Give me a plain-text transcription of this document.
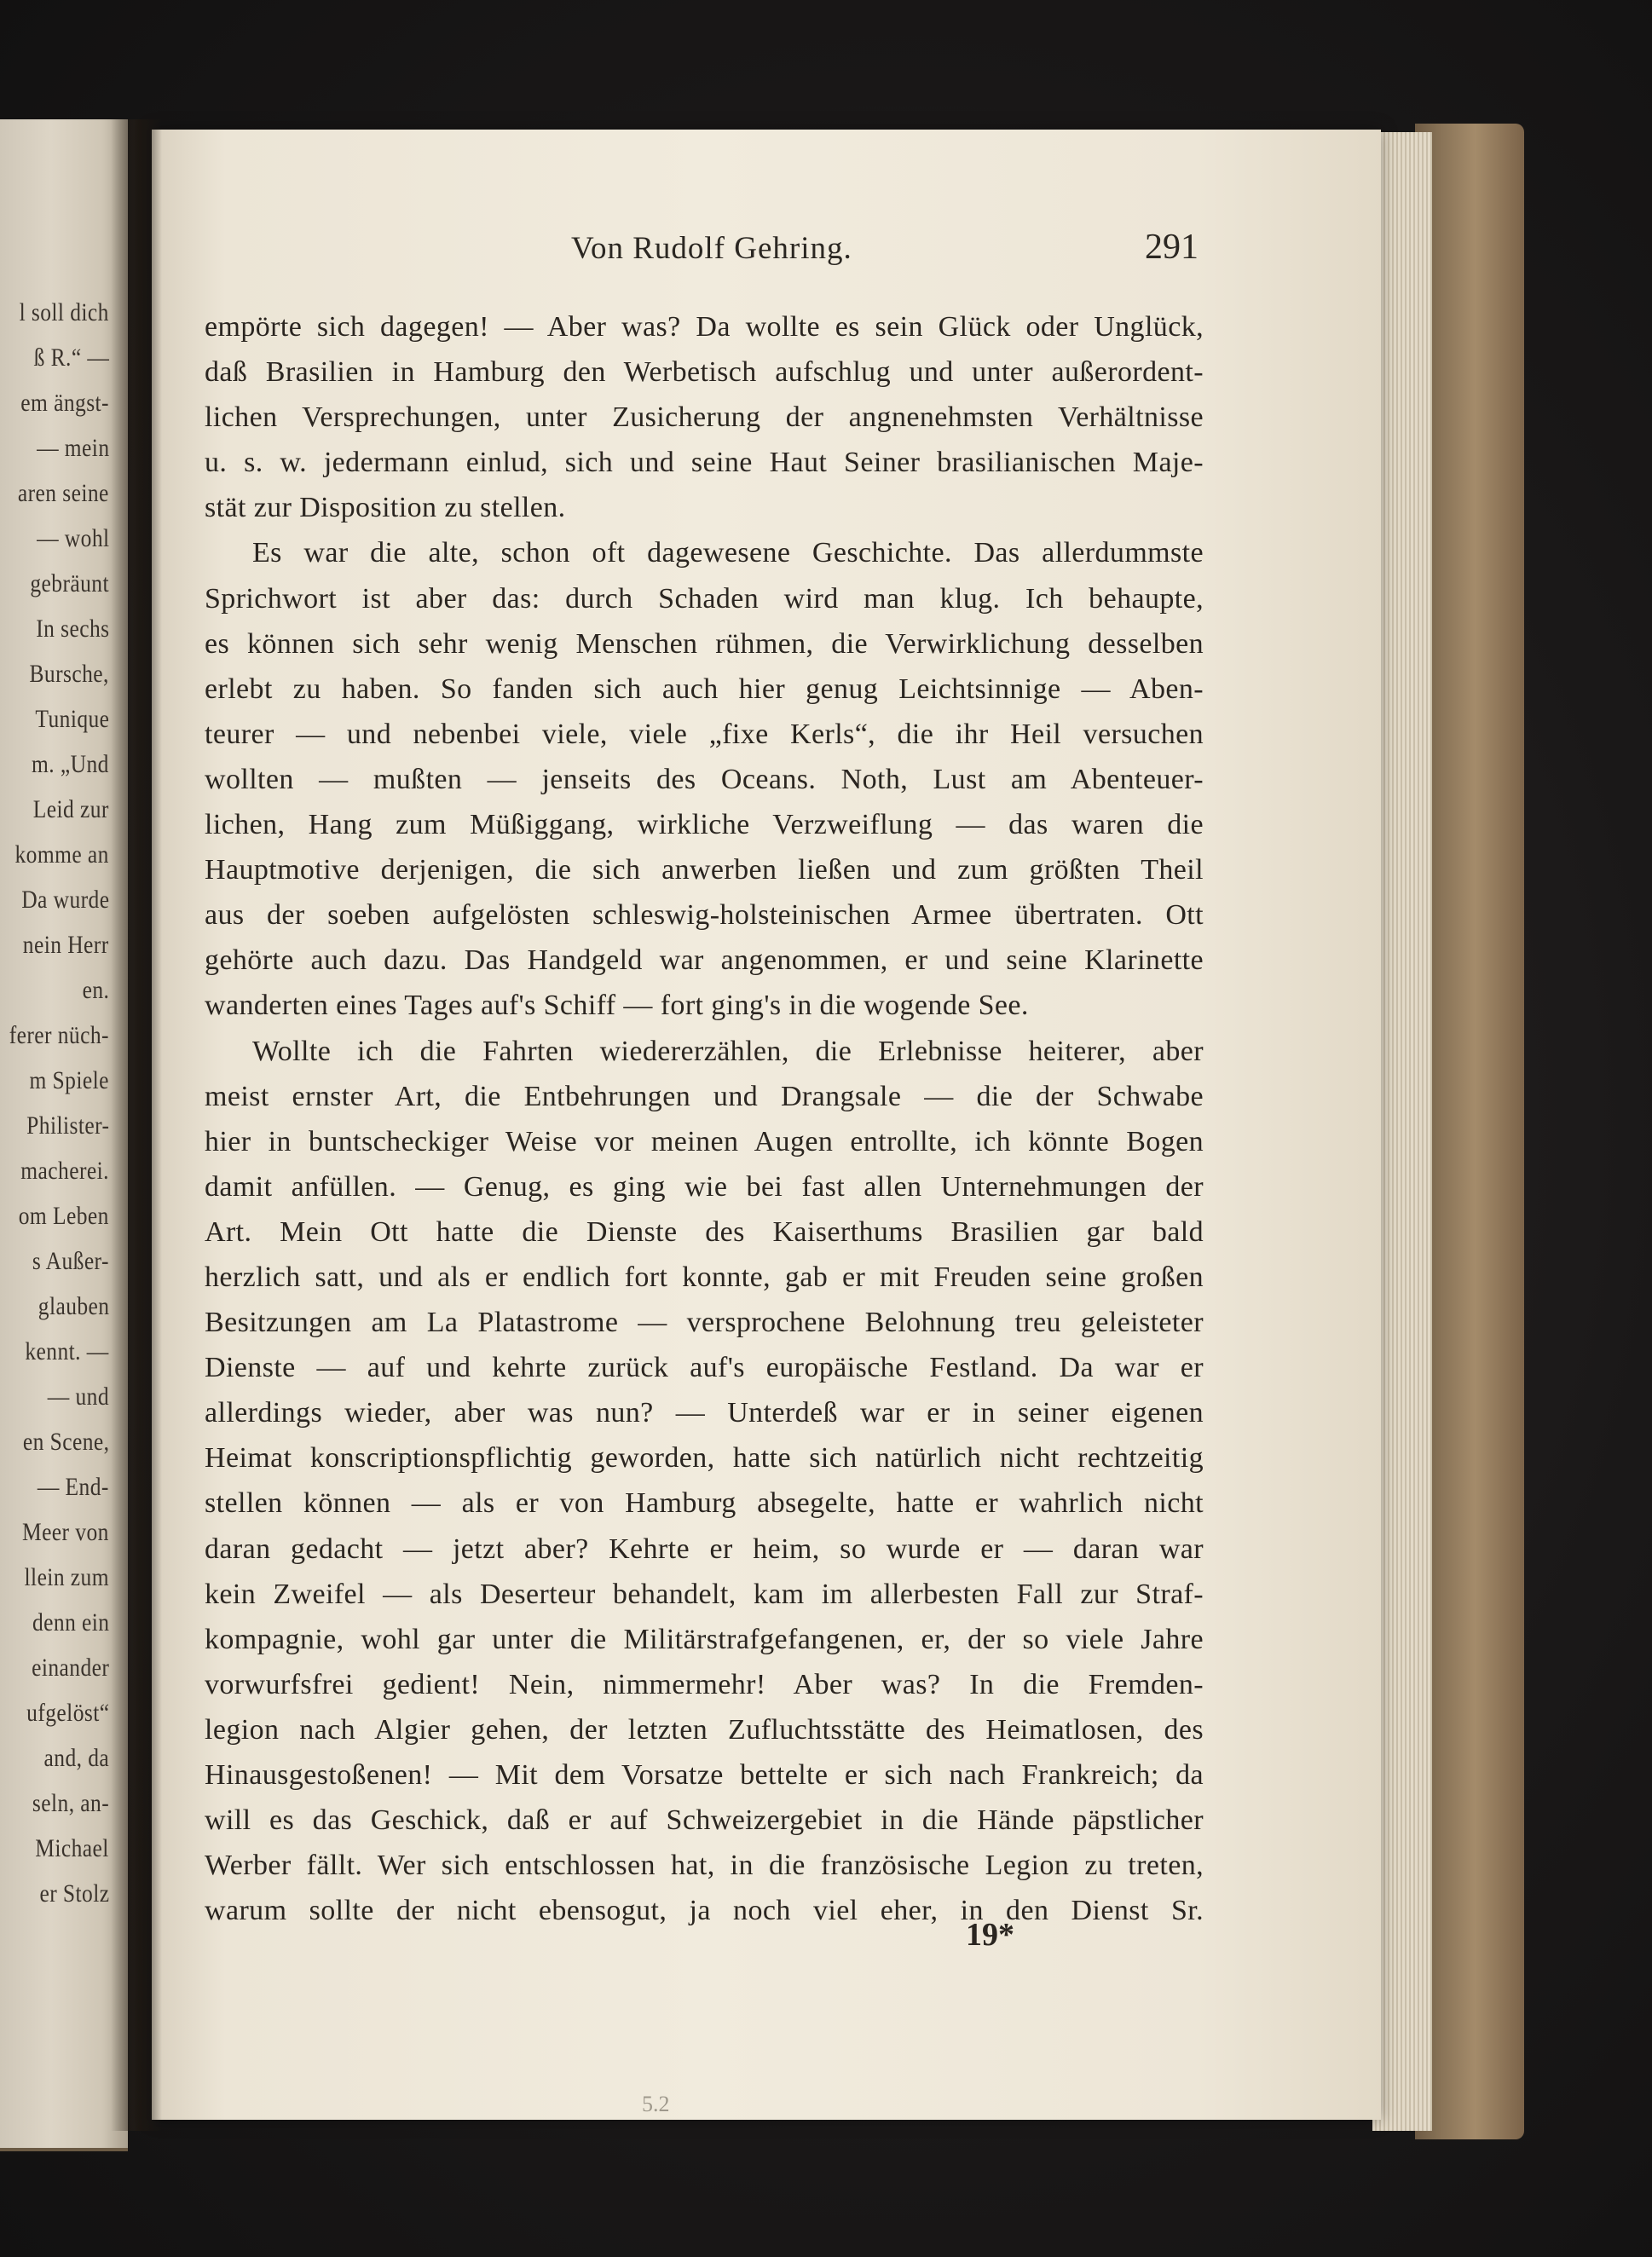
l soll dich
ß R.“ —
em ängst-
— mein
aren seine
— wohl
gebräunt
In sechs
Bursche,
Tunique
m. „Und
Leid zur
komme an
Da wurde
nein Herr
en.
ferer nüch-
m Spiele
Philister-
macherei.
om Leben
s Außer-
glauben
kennt. —
— und
en Scene,
— End-
Meer von
llein zum
denn ein
einander
ufgelöst“
and, da
seln, an-
Michael
er Stolz
Von Rudolf Gehring.	291
empörte sich dagegen! — Aber was? Da wollte es sein Glück oder Unglück,
daß Brasilien in Hamburg den Werbetisch aufschlug und unter außerordent-
lichen Versprechungen, unter Zusicherung der angnenehmsten Verhältnisse
u. s. w. jedermann einlud, sich und seine Haut Seiner brasilianischen Maje-
stät zur Disposition zu stellen.
Es war die alte, schon oft dagewesene Geschichte. Das allerdummste
Sprichwort ist aber das: durch Schaden wird man klug. Ich behaupte,
es können sich sehr wenig Menschen rühmen, die Verwirklichung desselben
erlebt zu haben. So fanden sich auch hier genug Leichtsinnige — Aben-
teurer — und nebenbei viele, viele „fixe Kerls“, die ihr Heil versuchen
wollten — mußten — jenseits des Oceans. Noth, Lust am Abenteuer-
lichen, Hang zum Müßiggang, wirkliche Verzweiflung — das waren die
Hauptmotive derjenigen, die sich anwerben ließen und zum größten Theil
aus der soeben aufgelösten schleswig-holsteinischen Armee übertraten. Ott
gehörte auch dazu. Das Handgeld war angenommen, er und seine Klarinette
wanderten eines Tages auf's Schiff — fort ging's in die wogende See.
Wollte ich die Fahrten wiedererzählen, die Erlebnisse heiterer, aber
meist ernster Art, die Entbehrungen und Drangsale — die der Schwabe
hier in buntscheckiger Weise vor meinen Augen entrollte, ich könnte Bogen
damit anfüllen. — Genug, es ging wie bei fast allen Unternehmungen der
Art. Mein Ott hatte die Dienste des Kaiserthums Brasilien gar bald
herzlich satt, und als er endlich fort konnte, gab er mit Freuden seine großen
Besitzungen am La Platastrome — versprochene Belohnung treu geleisteter
Dienste — auf und kehrte zurück auf's europäische Festland. Da war er
allerdings wieder, aber was nun? — Unterdeß war er in seiner eigenen
Heimat konscriptionspflichtig geworden, hatte sich natürlich nicht rechtzeitig
stellen können — als er von Hamburg absegelte, hatte er wahrlich nicht
daran gedacht — jetzt aber? Kehrte er heim, so wurde er — daran war
kein Zweifel — als Deserteur behandelt, kam im allerbesten Fall zur Straf-
kompagnie, wohl gar unter die Militärstrafgefangenen, er, der so viele Jahre
vorwurfsfrei gedient! Nein, nimmermehr! Aber was? In die Fremden-
legion nach Algier gehen, der letzten Zufluchtsstätte des Heimatlosen, des
Hinausgestoßenen! — Mit dem Vorsatze bettelte er sich nach Frankreich; da
will es das Geschick, daß er auf Schweizergebiet in die Hände päpstlicher
Werber fällt. Wer sich entschlossen hat, in die französische Legion zu treten,
warum sollte der nicht ebensogut, ja noch viel eher, in den Dienst Sr.
19*
5.2
